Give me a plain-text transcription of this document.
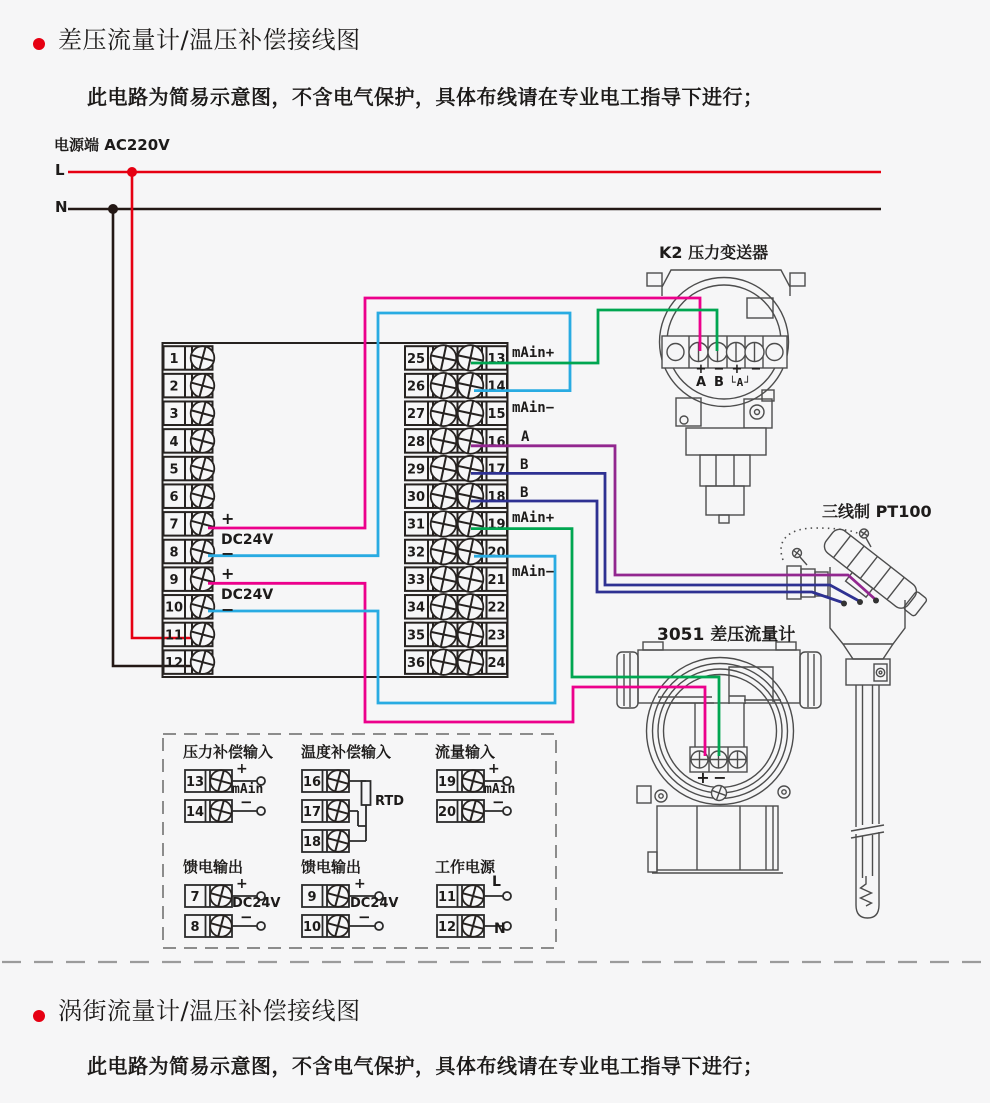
1
2
3
4
5
6
7
8
9
10
11
12
25	13
26	14
27	15
28	16
29	17
30	18
31	19
32	20
33	21
34	22
35	23
36	24
13
14
16
17
18
19
20
7
8
9
10
11
12
差压流量计/温压补偿接线图
此电路为简易示意图，不含电气保护，具体布线请在专业电工指导下进行；
电源端 AC220V
L
N
+
DC24V
−
+
DC24V
−
mAin+
mAin−
A
B
B
mAin+
mAin−
K2 压力变送器
+ − + −
A B └A┘
三线制 PT100
3051 差压流量计
+ −
压力补偿输入 温度补偿输入	流量输入
馈电输出	馈电输出	工作电源
+
mAin
−	RTD
+
mAin
−
+
DC24V
−
+
DC24V
−
L
N
涡街流量计/温压补偿接线图
此电路为简易示意图，不含电气保护，具体布线请在专业电工指导下进行；
